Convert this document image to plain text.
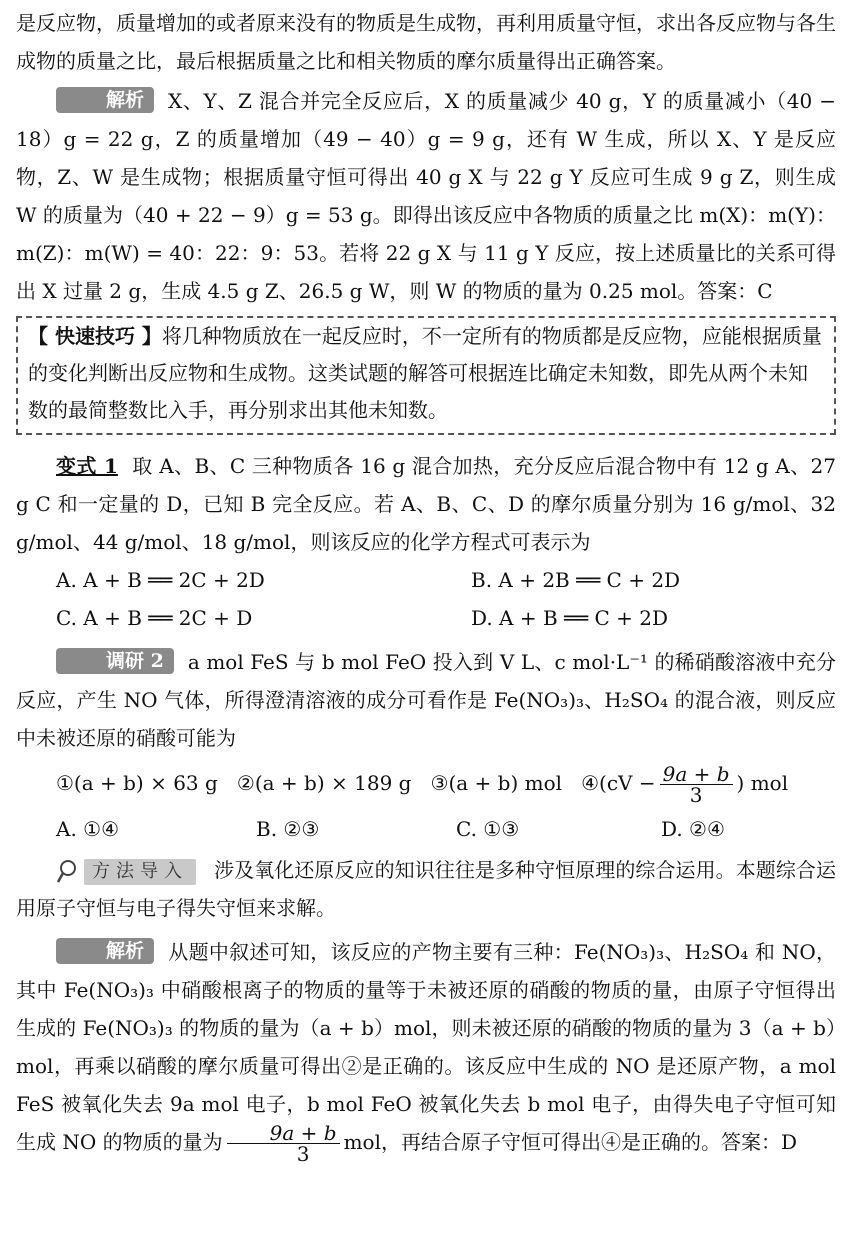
是反应物，质量增加的或者原来没有的物质是生成物，再利用质量守恒，求出各反应物与各生成物的质量之比，最后根据质量之比和相关物质的摩尔质量得出正确答案。

解析 X、Y、Z 混合并完全反应后，X 的质量减少 40 g，Y 的质量减小（40 − 18）g = 22 g，Z 的质量增加（49 − 40）g = 9 g，还有 W 生成，所以 X、Y 是反应物，Z、W 是生成物；根据质量守恒可得出 40 g X 与 22 g Y 反应可生成 9 g Z，则生成 W 的质量为（40 + 22 − 9）g = 53 g。即得出该反应中各物质的质量之比 m(X)：m(Y)：m(Z)：m(W) = 40：22：9：53。若将 22 g X 与 11 g Y 反应，按上述质量比的关系可得出 X 过量 2 g，生成 4.5 g Z、26.5 g W，则 W 的物质的量为 0.25 mol。答案：C

【 快速技巧 】将几种物质放在一起反应时，不一定所有的物质都是反应物，应能根据质量的变化判断出反应物和生成物。这类试题的解答可根据连比确定未知数，即先从两个未知数的最简整数比入手，再分别求出其他未知数。

变式 1 取 A、B、C 三种物质各 16 g 混合加热，充分反应后混合物中有 12 g A、27 g C 和一定量的 D，已知 B 完全反应。若 A、B、C、D 的摩尔质量分别为 16 g/mol、32 g/mol、44 g/mol、18 g/mol，则该反应的化学方程式可表示为

A. A + B ══ 2C + 2D	B. A + 2B ══ C + 2D
C. A + B ══ 2C + D	D. A + B ══ C + 2D

调研 2 a mol FeS 与 b mol FeO 投入到 V L、c mol·L⁻¹ 的稀硝酸溶液中充分反应，产生 NO 气体，所得澄清溶液的成分可看作是 Fe(NO₃)₃、H₂SO₄ 的混合液，则反应中未被还原的硝酸可能为

①(a + b) × 63 g ②(a + b) × 189 g ③(a + b) mol ④(cV − $\frac{9a + b}{3}$ ) mol
A. ①④	B. ②③	C. ①③	D. ②④

方法导入	涉及氧化还原反应的知识往往是多种守恒原理的综合运用。本题综合运用原子守恒与电子得失守恒来求解。

解析 从题中叙述可知，该反应的产物主要有三种：Fe(NO₃)₃、H₂SO₄ 和 NO，其中 Fe(NO₃)₃ 中硝酸根离子的物质的量等于未被还原的硝酸的物质的量，由原子守恒得出生成的 Fe(NO₃)₃ 的物质的量为（a + b）mol，则未被还原的硝酸的物质的量为 3（a + b）mol，再乘以硝酸的摩尔质量可得出②是正确的。该反应中生成的 NO 是还原产物，a mol FeS 被氧化失去 9a mol 电子，b mol FeO 被氧化失去 b mol 电子，由得失电子守恒可知生成 NO 的物质的量为 $\frac{9a + b}{3}$ mol，再结合原子守恒可得出④是正确的。答案：D
